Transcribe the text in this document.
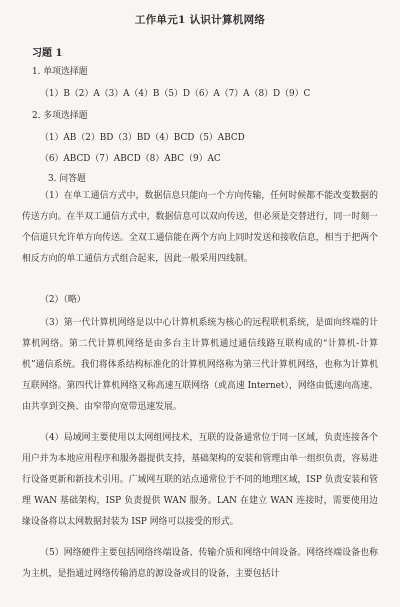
工作单元1 认识计算机网络
习题 1
1. 单项选择题
（1）B（2）A（3）A（4）B（5）D（6）A（7）A（8）D（9）C
2. 多项选择题
（1）AB（2）BD（3）BD（4）BCD（5）ABCD
（6）ABCD（7）ABCD（8）ABC（9）AC
3. 问答题
（1）在单工通信方式中，数据信息只能向一个方向传输，任何时候都不能改变数据的传送方向。在半双工通信方式中，数据信息可以双向传送，但必须是交替进行，同一时刻一个信道只允许单方向传送。全双工通信能在两个方向上同时发送和接收信息，相当于把两个相反方向的单工通信方式组合起来，因此一般采用四线制。
（2）（略）
（3）第一代计算机网络是以中心计算机系统为核心的远程联机系统，是面向终端的计算机网络。第二代计算机网络是由多台主计算机通过通信线路互联构成的“计算机-计算机”通信系统。我们将体系结构标准化的计算机网络称为第三代计算机网络，也称为计算机互联网络。第四代计算机网络又称高速互联网络（或高速 Internet），网络由低速向高速、由共享到交换、由窄带向宽带迅速发展。
（4）局域网主要使用以太网组网技术，互联的设备通常位于同一区域，负责连接各个用户并为本地应用程序和服务器提供支持，基础架构的安装和管理由单一组织负责，容易进行设备更新和新技术引用。广域网互联的站点通常位于不同的地理区域，ISP 负责安装和管理 WAN 基础架构，ISP 负责提供 WAN 服务。LAN 在建立 WAN 连接时，需要使用边缘设备将以太网数据封装为 ISP 网络可以接受的形式。
（5）网络硬件主要包括网络终端设备、传输介质和网络中间设备。网络终端设备也称为主机，是指通过网络传输消息的源设备或目的设备，主要包括计
